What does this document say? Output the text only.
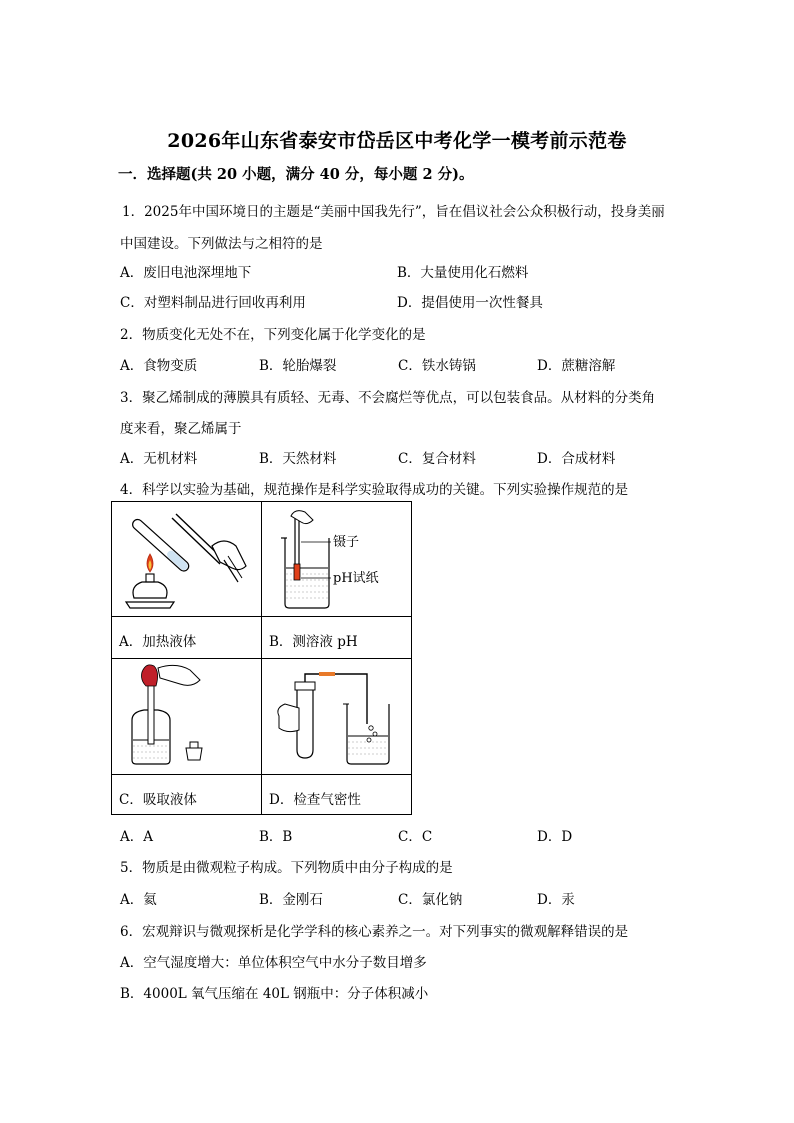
2026年山东省泰安市岱岳区中考化学一模考前示范卷
一．选择题(共 20 小题，满分 40 分，每小题 2 分)。
1．2025年中国环境日的主题是“美丽中国我先行”，旨在倡议社会公众积极行动，投身美丽
中国建设。下列做法与之相符的是
A．废旧电池深埋地下	B．大量使用化石燃料
C．对塑料制品进行回收再利用	D．提倡使用一次性餐具
2．物质变化无处不在，下列变化属于化学变化的是
A．食物变质	B．轮胎爆裂	C．铁水铸锅	D．蔗糖溶解
3．聚乙烯制成的薄膜具有质轻、无毒、不会腐烂等优点，可以包装食品。从材料的分类角
度来看，聚乙烯属于
A．无机材料	B．天然材料	C．复合材料	D．合成材料
4．科学以实验为基础，规范操作是科学实验取得成功的关键。下列实验操作规范的是
镊子
pH试纸
A．加热液体	B．测溶液 pH
C．吸取液体	D．检查气密性
A．A	B．B	C．C	D．D
5．物质是由微观粒子构成。下列物质中由分子构成的是
A．氦	B．金刚石	C．氯化钠	D．汞
6．宏观辩识与微观探析是化学学科的核心素养之一。对下列事实的微观解释错误的是
A．空气湿度增大：单位体积空气中水分子数目增多
B．4000L 氧气压缩在 40L 钢瓶中：分子体积减小
